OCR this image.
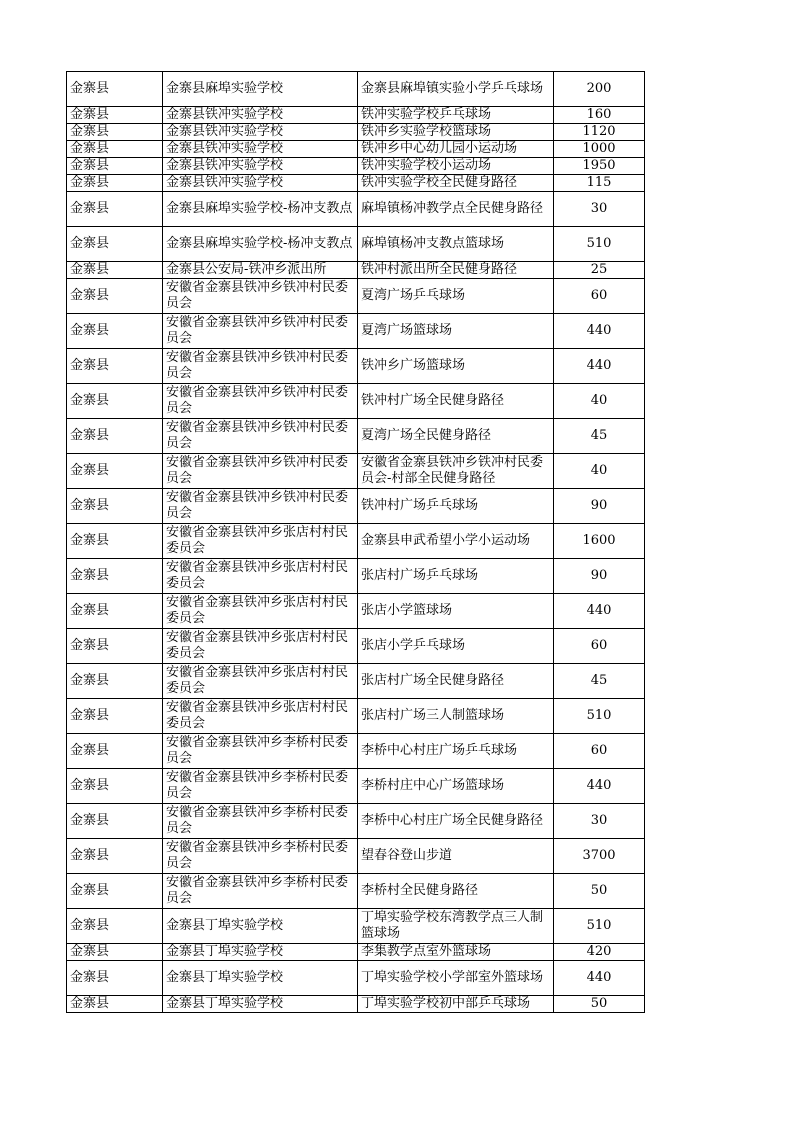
金寨县	金寨县麻埠实验学校	金寨县麻埠镇实验小学乒乓球场	200
金寨县	金寨县铁冲实验学校	铁冲实验学校乒乓球场	160
金寨县	金寨县铁冲实验学校	铁冲乡实验学校篮球场	1120
金寨县	金寨县铁冲实验学校	铁冲乡中心幼儿园小运动场	1000
金寨县	金寨县铁冲实验学校	铁冲实验学校小运动场	1950
金寨县	金寨县铁冲实验学校	铁冲实验学校全民健身路径	115
金寨县	金寨县麻埠实验学校-杨冲支教点	麻埠镇杨冲教学点全民健身路径	30
金寨县	金寨县麻埠实验学校-杨冲支教点	麻埠镇杨冲支教点篮球场	510
金寨县	金寨县公安局-铁冲乡派出所	铁冲村派出所全民健身路径	25
金寨县	安徽省金寨县铁冲乡铁冲村民委员会	夏湾广场乒乓球场	60
金寨县	安徽省金寨县铁冲乡铁冲村民委员会	夏湾广场篮球场	440
金寨县	安徽省金寨县铁冲乡铁冲村民委员会	铁冲乡广场篮球场	440
金寨县	安徽省金寨县铁冲乡铁冲村民委员会	铁冲村广场全民健身路径	40
金寨县	安徽省金寨县铁冲乡铁冲村民委员会	夏湾广场全民健身路径	45
金寨县	安徽省金寨县铁冲乡铁冲村民委员会	安徽省金寨县铁冲乡铁冲村民委员会-村部全民健身路径	40
金寨县	安徽省金寨县铁冲乡铁冲村民委员会	铁冲村广场乒乓球场	90
金寨县	安徽省金寨县铁冲乡张店村村民委员会	金寨县申武希望小学小运动场	1600
金寨县	安徽省金寨县铁冲乡张店村村民委员会	张店村广场乒乓球场	90
金寨县	安徽省金寨县铁冲乡张店村村民委员会	张店小学篮球场	440
金寨县	安徽省金寨县铁冲乡张店村村民委员会	张店小学乒乓球场	60
金寨县	安徽省金寨县铁冲乡张店村村民委员会	张店村广场全民健身路径	45
金寨县	安徽省金寨县铁冲乡张店村村民委员会	张店村广场三人制篮球场	510
金寨县	安徽省金寨县铁冲乡李桥村民委员会	李桥中心村庄广场乒乓球场	60
金寨县	安徽省金寨县铁冲乡李桥村民委员会	李桥村庄中心广场篮球场	440
金寨县	安徽省金寨县铁冲乡李桥村民委员会	李桥中心村庄广场全民健身路径	30
金寨县	安徽省金寨县铁冲乡李桥村民委员会	望春谷登山步道	3700
金寨县	安徽省金寨县铁冲乡李桥村民委员会	李桥村全民健身路径	50
金寨县	金寨县丁埠实验学校	丁埠实验学校东湾教学点三人制篮球场	510
金寨县	金寨县丁埠实验学校	李集教学点室外篮球场	420
金寨县	金寨县丁埠实验学校	丁埠实验学校小学部室外篮球场	440
金寨县	金寨县丁埠实验学校	丁埠实验学校初中部乒乓球场	50
